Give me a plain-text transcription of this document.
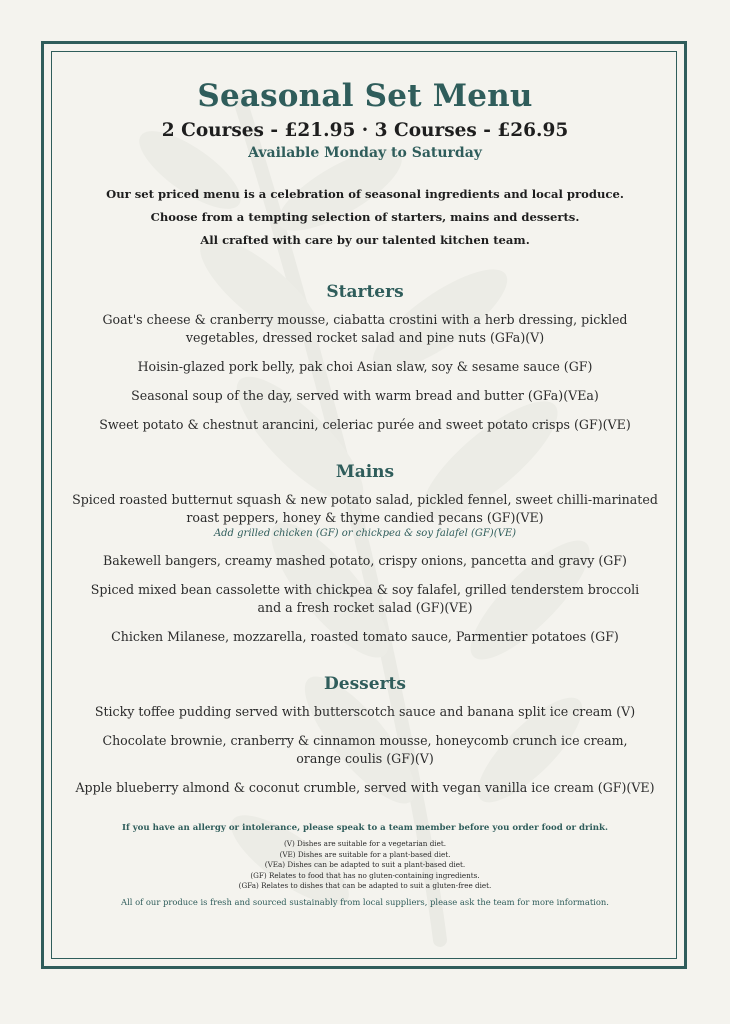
Seasonal Set Menu
2 Courses - £21.95 · 3 Courses - £26.95
Available Monday to Saturday
Our set priced menu is a celebration of seasonal ingredients and local produce.
Choose from a tempting selection of starters, mains and desserts.
All crafted with care by our talented kitchen team.
Starters
Goat's cheese & cranberry mousse, ciabatta crostini with a herb dressing, pickled
vegetables, dressed rocket salad and pine nuts (GFa)(V)
Hoisin-glazed pork belly, pak choi Asian slaw, soy & sesame sauce (GF)
Seasonal soup of the day, served with warm bread and butter (GFa)(VEa)
Sweet potato & chestnut arancini, celeriac purée and sweet potato crisps (GF)(VE)
Mains
Spiced roasted butternut squash & new potato salad, pickled fennel, sweet chilli-marinated
roast peppers, honey & thyme candied pecans (GF)(VE)
Add grilled chicken (GF) or chickpea & soy falafel (GF)(VE)
Bakewell bangers, creamy mashed potato, crispy onions, pancetta and gravy (GF)
Spiced mixed bean cassolette with chickpea & soy falafel, grilled tenderstem broccoli
and a fresh rocket salad (GF)(VE)
Chicken Milanese, mozzarella, roasted tomato sauce, Parmentier potatoes (GF)
Desserts
Sticky toffee pudding served with butterscotch sauce and banana split ice cream (V)
Chocolate brownie, cranberry & cinnamon mousse, honeycomb crunch ice cream,
orange coulis (GF)(V)
Apple blueberry almond & coconut crumble, served with vegan vanilla ice cream (GF)(VE)
If you have an allergy or intolerance, please speak to a team member before you order food or drink.
(V) Dishes are suitable for a vegetarian diet.
(VE) Dishes are suitable for a plant-based diet.
(VEa) Dishes can be adapted to suit a plant-based diet.
(GF) Relates to food that has no gluten-containing ingredients.
(GFa) Relates to dishes that can be adapted to suit a gluten-free diet.
All of our produce is fresh and sourced sustainably from local suppliers, please ask the team for more information.
